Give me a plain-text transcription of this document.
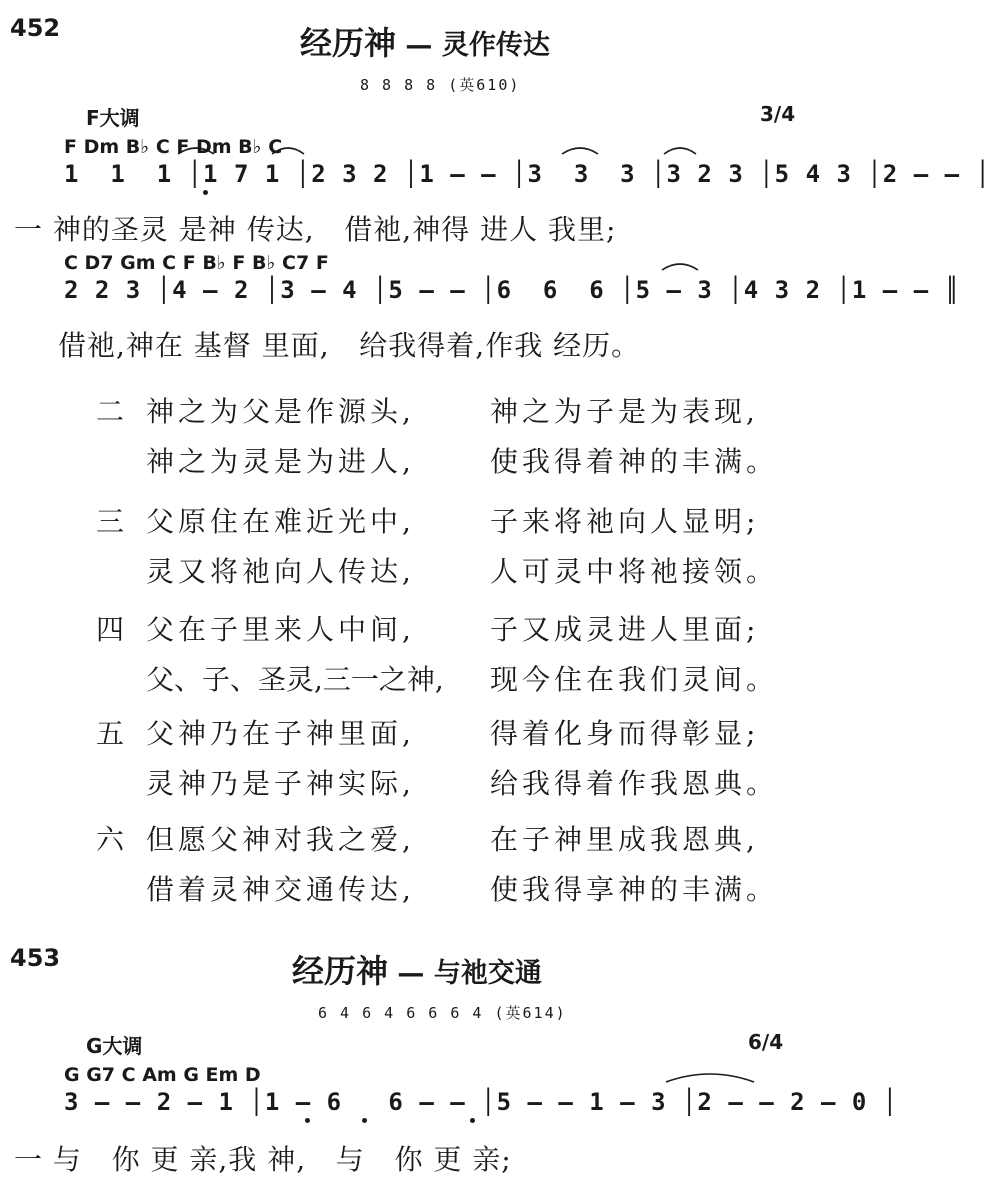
452	经历神 — 灵作传达
8 8 8 8 (英610)
F大调	3/4
F Dm B♭ C F Dm B♭ C
1  1  1 │1 7 1 │2 3 2 │1 — — │3  3  3 │3 2 3 │5 4 3 │2 — — │
一 神的圣灵 是神 传达,   借祂,神得 进人 我里;
C D7 Gm C F B♭ F B♭ C7 F
2 2 3 │4 — 2 │3 — 4 │5 — — │6  6  6 │5 — 3 │4 3 2 │1 — — ║
借祂,神在 基督 里面,   给我得着,作我 经历。
二 神之为父是作源头,	神之为子是为表现,
神之为灵是为进人,	使我得着神的丰满。
三 父原住在难近光中,	子来将祂向人显明;
灵又将祂向人传达,	人可灵中将祂接领。
四 父在子里来人中间,	子又成灵进人里面;
父、子、圣灵,三一之神, 现今住在我们灵间。
五 父神乃在子神里面,	得着化身而得彰显;
灵神乃是子神实际,	给我得着作我恩典。
六 但愿父神对我之爱,	在子神里成我恩典,
借着灵神交通传达,	使我得享神的丰满。
453	经历神 — 与祂交通
6 4 6 4 6 6 6 4 (英614)
G大调	6/4
G G7 C Am G Em D
3 — — 2 — 1 │1 — 6   6 — — │5 — — 1 — 3 │2 — — 2 — 0 │
一 与   你 更 亲,我 神,   与   你 更 亲;
